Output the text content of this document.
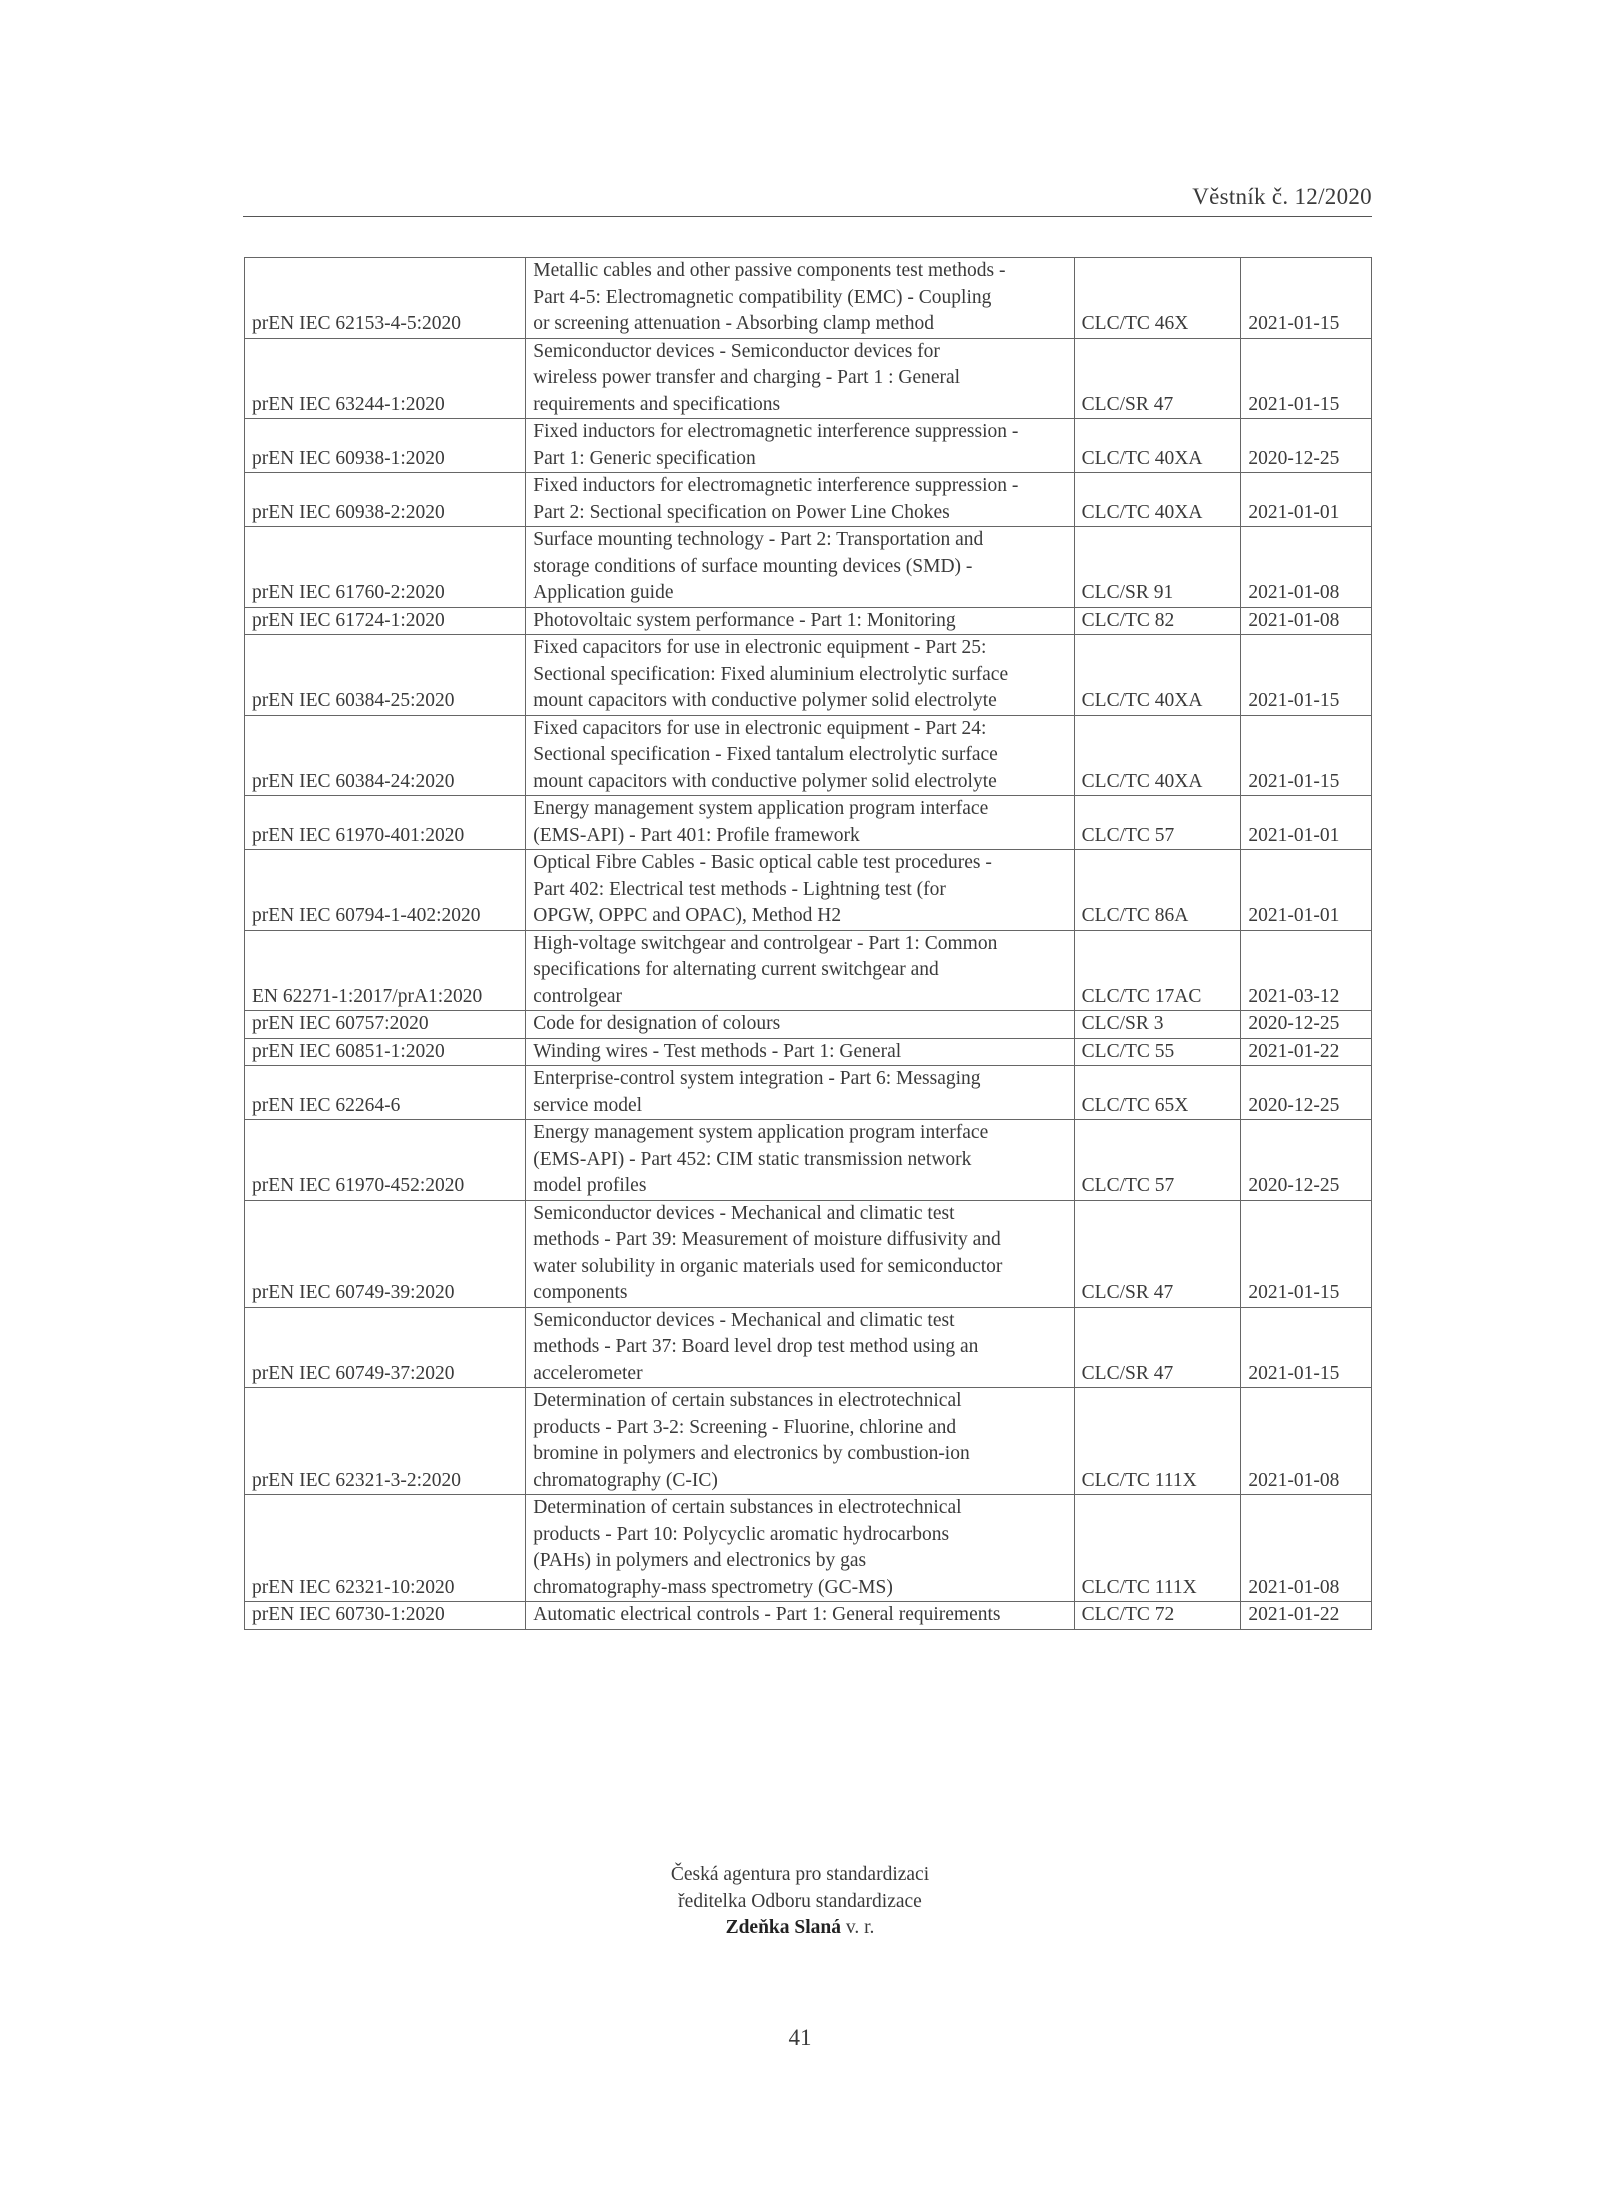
Věstník č. 12/2020
prEN IEC 62153-4-5:2020	Metallic cables and other passive components test methods -
Part 4-5: Electromagnetic compatibility (EMC) - Coupling
or screening attenuation - Absorbing clamp method	CLC/TC 46X	2021-01-15
prEN IEC 63244-1:2020	Semiconductor devices - Semiconductor devices for
wireless power transfer and charging - Part 1 : General
requirements and specifications	CLC/SR 47	2021-01-15
prEN IEC 60938-1:2020	Fixed inductors for electromagnetic interference suppression -
Part 1: Generic specification	CLC/TC 40XA	2020-12-25
prEN IEC 60938-2:2020	Fixed inductors for electromagnetic interference suppression -
Part 2: Sectional specification on Power Line Chokes	CLC/TC 40XA	2021-01-01
prEN IEC 61760-2:2020	Surface mounting technology - Part 2: Transportation and
storage conditions of surface mounting devices (SMD) -
Application guide	CLC/SR 91	2021-01-08
prEN IEC 61724-1:2020	Photovoltaic system performance - Part 1: Monitoring	CLC/TC 82	2021-01-08
prEN IEC 60384-25:2020	Fixed capacitors for use in electronic equipment - Part 25:
Sectional specification: Fixed aluminium electrolytic surface
mount capacitors with conductive polymer solid electrolyte	CLC/TC 40XA	2021-01-15
prEN IEC 60384-24:2020	Fixed capacitors for use in electronic equipment - Part 24:
Sectional specification - Fixed tantalum electrolytic surface
mount capacitors with conductive polymer solid electrolyte	CLC/TC 40XA	2021-01-15
prEN IEC 61970-401:2020	Energy management system application program interface
(EMS-API) - Part 401: Profile framework	CLC/TC 57	2021-01-01
prEN IEC 60794-1-402:2020	Optical Fibre Cables - Basic optical cable test procedures -
Part 402: Electrical test methods - Lightning test (for
OPGW, OPPC and OPAC), Method H2	CLC/TC 86A	2021-01-01
EN 62271-1:2017/prA1:2020	High-voltage switchgear and controlgear - Part 1: Common
specifications for alternating current switchgear and
controlgear	CLC/TC 17AC	2021-03-12
prEN IEC 60757:2020	Code for designation of colours	CLC/SR 3	2020-12-25
prEN IEC 60851-1:2020	Winding wires - Test methods - Part 1: General	CLC/TC 55	2021-01-22
prEN IEC 62264-6	Enterprise-control system integration - Part 6: Messaging
service model	CLC/TC 65X	2020-12-25
prEN IEC 61970-452:2020	Energy management system application program interface
(EMS-API) - Part 452: CIM static transmission network
model profiles	CLC/TC 57	2020-12-25
prEN IEC 60749-39:2020	Semiconductor devices - Mechanical and climatic test
methods - Part 39: Measurement of moisture diffusivity and
water solubility in organic materials used for semiconductor
components	CLC/SR 47	2021-01-15
prEN IEC 60749-37:2020	Semiconductor devices - Mechanical and climatic test
methods - Part 37: Board level drop test method using an
accelerometer	CLC/SR 47	2021-01-15
prEN IEC 62321-3-2:2020	Determination of certain substances in electrotechnical
products - Part 3-2: Screening - Fluorine, chlorine and
bromine in polymers and electronics by combustion-ion
chromatography (C-IC)	CLC/TC 111X	2021-01-08
prEN IEC 62321-10:2020	Determination of certain substances in electrotechnical
products - Part 10: Polycyclic aromatic hydrocarbons
(PAHs) in polymers and electronics by gas
chromatography-mass spectrometry (GC-MS)	CLC/TC 111X	2021-01-08
prEN IEC 60730-1:2020	Automatic electrical controls - Part 1: General requirements	CLC/TC 72	2021-01-22
Česká agentura pro standardizaci
ředitelka Odboru standardizace
Zdeňka Slaná v. r.
41
